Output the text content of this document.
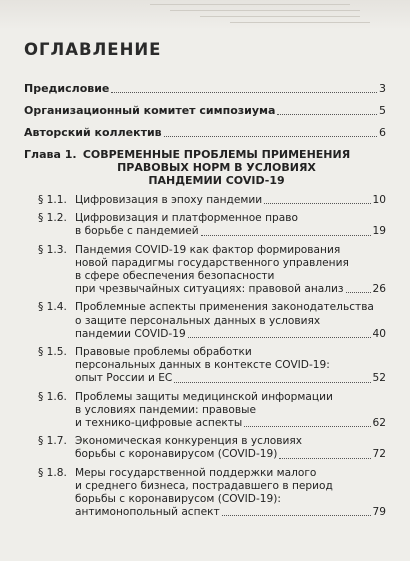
ОГЛАВЛЕНИЕ
Предисловие	3
Организационный комитет симпозиума	5
Авторский коллектив	6
Глава 1. СОВРЕМЕННЫЕ ПРОБЛЕМЫ ПРИМЕНЕНИЯ
ПРАВОВЫХ НОРМ В УСЛОВИЯХ
ПАНДЕМИИ COVID-19
§ 1.1. Цифровизация в эпоху пандемии	10
§ 1.2. Цифровизация и платформенное право
в борьбе с пандемией	19
§ 1.3. Пандемия COVID-19 как фактор формирования
новой парадигмы государственного управления
в сфере обеспечения безопасности
при чрезвычайных ситуациях: правовой анализ	26
§ 1.4. Проблемные аспекты применения законодательства
о защите персональных данных в условиях
пандемии COVID-19	40
§ 1.5. Правовые проблемы обработки
персональных данных в контексте COVID-19:
опыт России и ЕС	52
§ 1.6. Проблемы защиты медицинской информации
в условиях пандемии: правовые
и технико-цифровые аспекты	62
§ 1.7. Экономическая конкуренция в условиях
борьбы с коронавирусом (COVID-19)	72
§ 1.8. Меры государственной поддержки малого
и среднего бизнеса, пострадавшего в период
борьбы с коронавирусом (COVID-19):
антимонопольный аспект	79
